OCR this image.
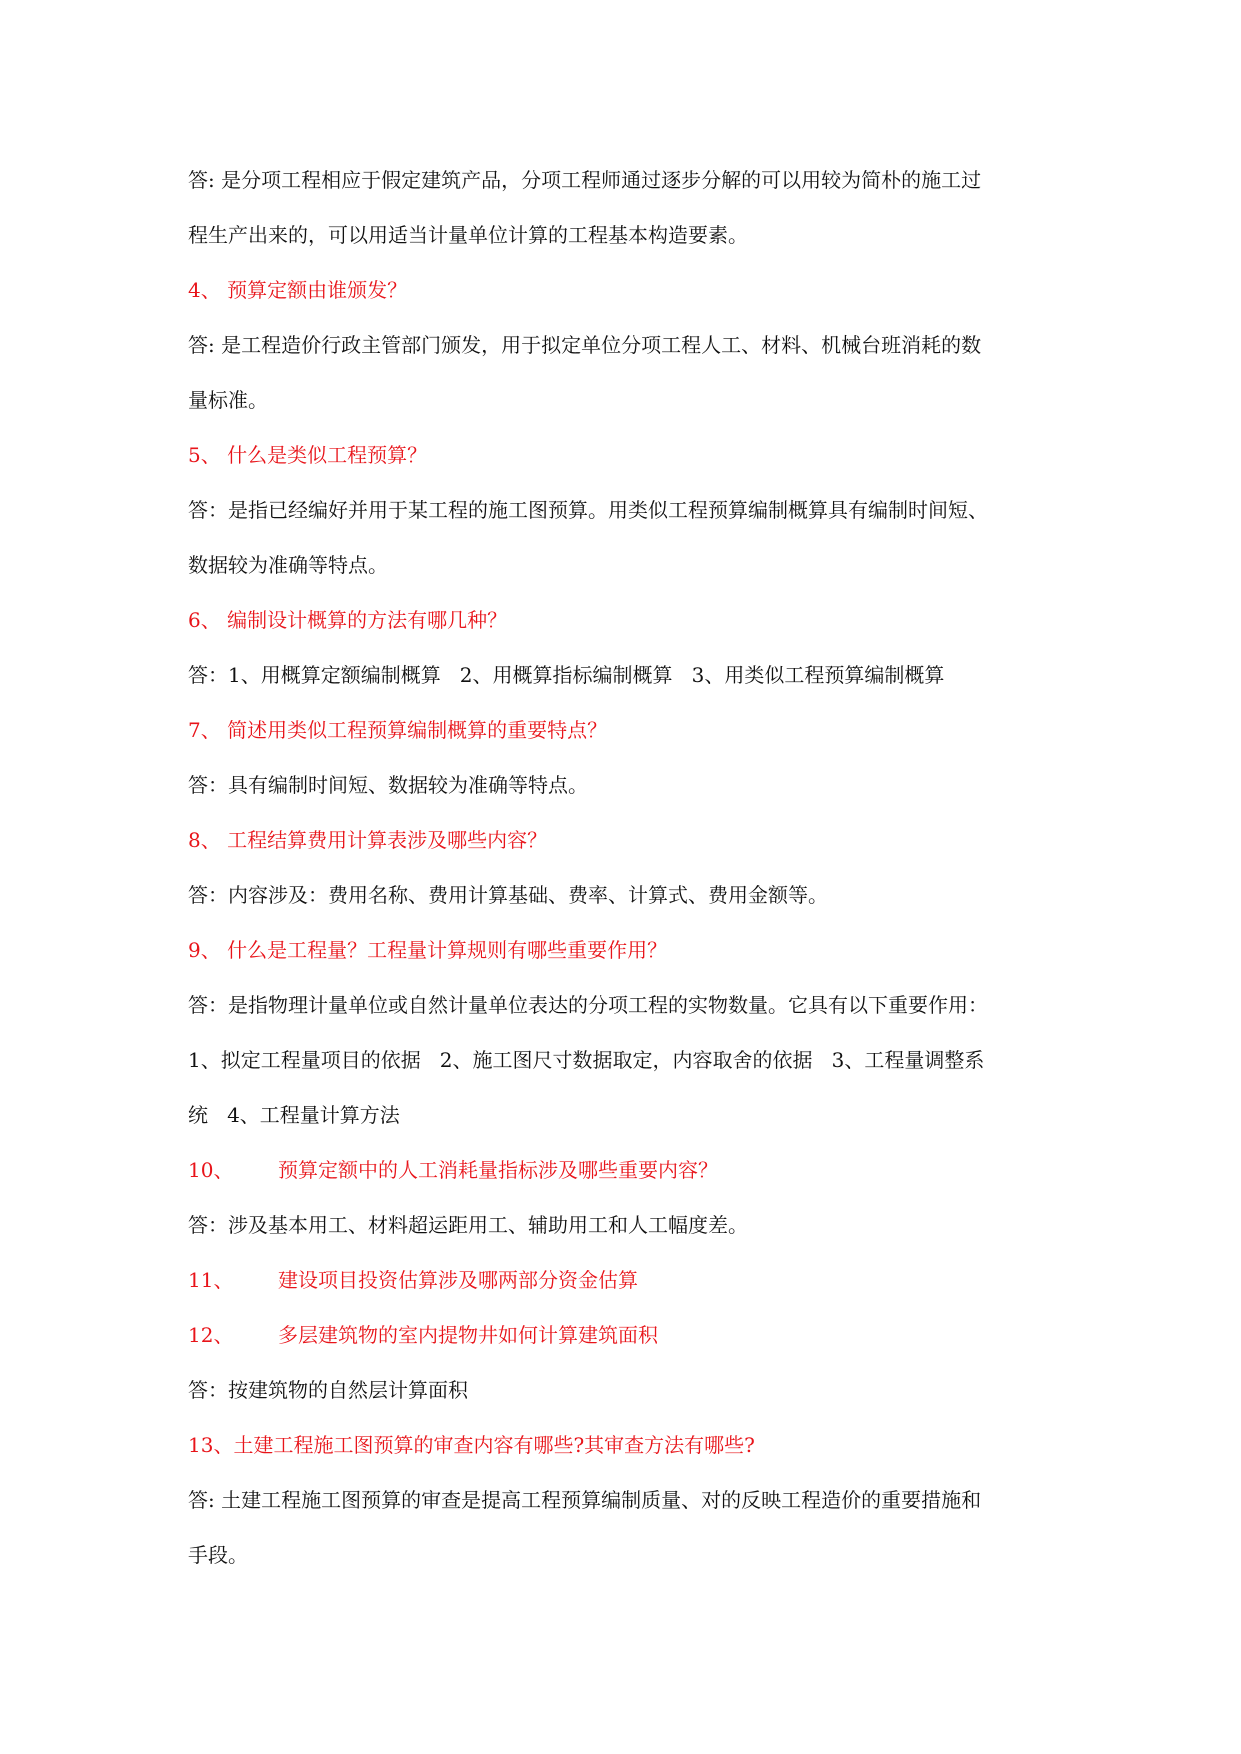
答: 是分项工程相应于假定建筑产品，分项工程师通过逐步分解的可以用较为简朴的施工过
程生产出来的，可以用适当计量单位计算的工程基本构造要素。
4、 预算定额由谁颁发？
答: 是工程造价行政主管部门颁发，用于拟定单位分项工程人工、材料、机械台班消耗的数
量标准。
5、 什么是类似工程预算？
答：是指已经编好并用于某工程的施工图预算。用类似工程预算编制概算具有编制时间短、
数据较为准确等特点。
6、 编制设计概算的方法有哪几种？
答：1、用概算定额编制概算   2、用概算指标编制概算   3、用类似工程预算编制概算
7、 简述用类似工程预算编制概算的重要特点？
答：具有编制时间短、数据较为准确等特点。
8、 工程结算费用计算表涉及哪些内容？
答：内容涉及：费用名称、费用计算基础、费率、计算式、费用金额等。
9、 什么是工程量？工程量计算规则有哪些重要作用？
答：是指物理计量单位或自然计量单位表达的分项工程的实物数量。它具有以下重要作用：
1、拟定工程量项目的依据   2、施工图尺寸数据取定，内容取舍的依据   3、工程量调整系
统   4、工程量计算方法
10、       预算定额中的人工消耗量指标涉及哪些重要内容？
答：涉及基本用工、材料超运距用工、辅助用工和人工幅度差。
11、       建设项目投资估算涉及哪两部分资金估算
12、       多层建筑物的室内提物井如何计算建筑面积
答：按建筑物的自然层计算面积
13、土建工程施工图预算的审查内容有哪些?其审查方法有哪些?
答: 土建工程施工图预算的审查是提高工程预算编制质量、对的反映工程造价的重要措施和
手段。
